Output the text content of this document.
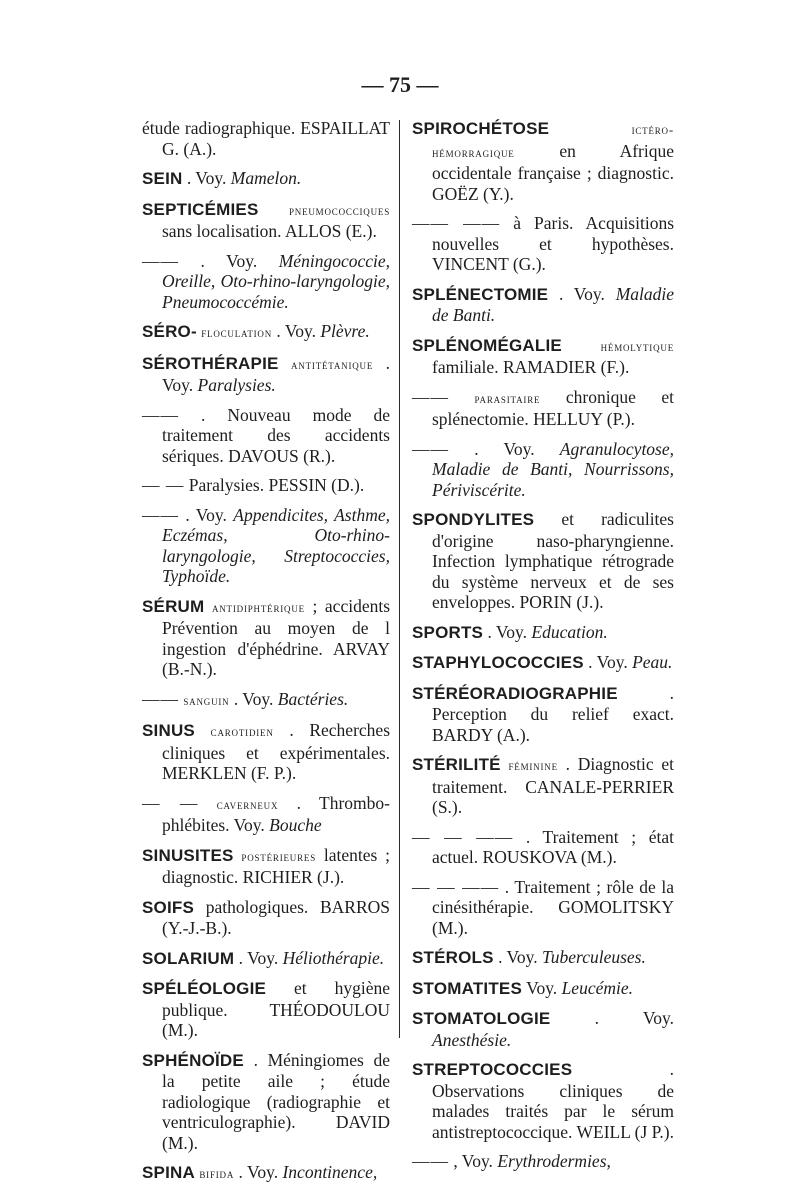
— 75 —
étude radiographique. ESPAILLAT G. (A.).
SEIN . Voy. Mamelon.
SEPTICÉMIES pneumococciques sans localisation. ALLOS (E.).
—— . Voy. Méningococcie, Oreille, Oto-rhino-laryngologie, Pneumococcémie.
SÉRO- floculation . Voy. Plèvre.
SÉROTHÉRAPIE antitétanique . Voy. Paralysies.
—— . Nouveau mode de traitement des accidents sériques. DAVOUS (R.).
— — Paralysies. PESSIN (D.).
—— . Voy. Appendicites, Asthme, Eczémas, Oto-rhino-laryngologie, Streptococcies, Typhoïde.
SÉRUM antidiphtérique ; accidents Prévention au moyen de l ingestion d'éphédrine. ARVAY (B.-N.).
—— sanguin . Voy. Bactéries.
SINUS carotidien . Recherches cliniques et expérimentales. MERKLEN (F. P.).
— — caverneux . Thrombo-phlébites. Voy. Bouche
SINUSITES postérieures latentes ; diagnostic. RICHIER (J.).
SOIFS pathologiques. BARROS (Y.-J.-B.).
SOLARIUM . Voy. Héliothérapie.
SPÉLÉOLOGIE et hygiène publique. THÉODOULOU (M.).
SPHÉNOÏDE . Méningiomes de la petite aile ; étude radiologique (radiographie et ventriculographie). DAVID (M.).
SPINA bifida . Voy. Incontinence,
SPIROCHÉTOSE	ictéro-hémorragique	en Afrique occidentale française ; diagnostic. GOËZ (Y.).
—— —— à Paris. Acquisitions nouvelles et hypothèses. VINCENT (G.).
SPLÉNECTOMIE . Voy. Maladie de Banti.
SPLÉNOMÉGALIE	hémolytique familiale. RAMADIER (F.).
—— parasitaire chronique et splénectomie. HELLUY (P.).
—— . Voy. Agranulocytose, Maladie de Banti, Nourrissons, Périviscérite.
SPONDYLITES et radiculites d'origine naso-pharyngienne. Infection lymphatique rétrograde du système nerveux et de ses enveloppes. PORIN (J.).
SPORTS . Voy. Education.
STAPHYLOCOCCIES . Voy. Peau.
STÉRÉORADIOGRAPHIE	. Perception du relief exact. BARDY (A.).
STÉRILITÉ féminine . Diagnostic et traitement. CANALE-PERRIER (S.).
— — —— . Traitement ; état actuel. ROUSKOVA (M.).
— — —— . Traitement ; rôle de la cinésithérapie. GOMOLITSKY (M.).
STÉROLS . Voy. Tuberculeuses.
STOMATITES Voy. Leucémie.
STOMATOLOGIE	. Voy. Anesthésie.
STREPTOCOCCIES	. Observations cliniques de malades traités par le sérum antistreptococcique. WEILL (J P.).
—— , Voy. Erythrodermies,
